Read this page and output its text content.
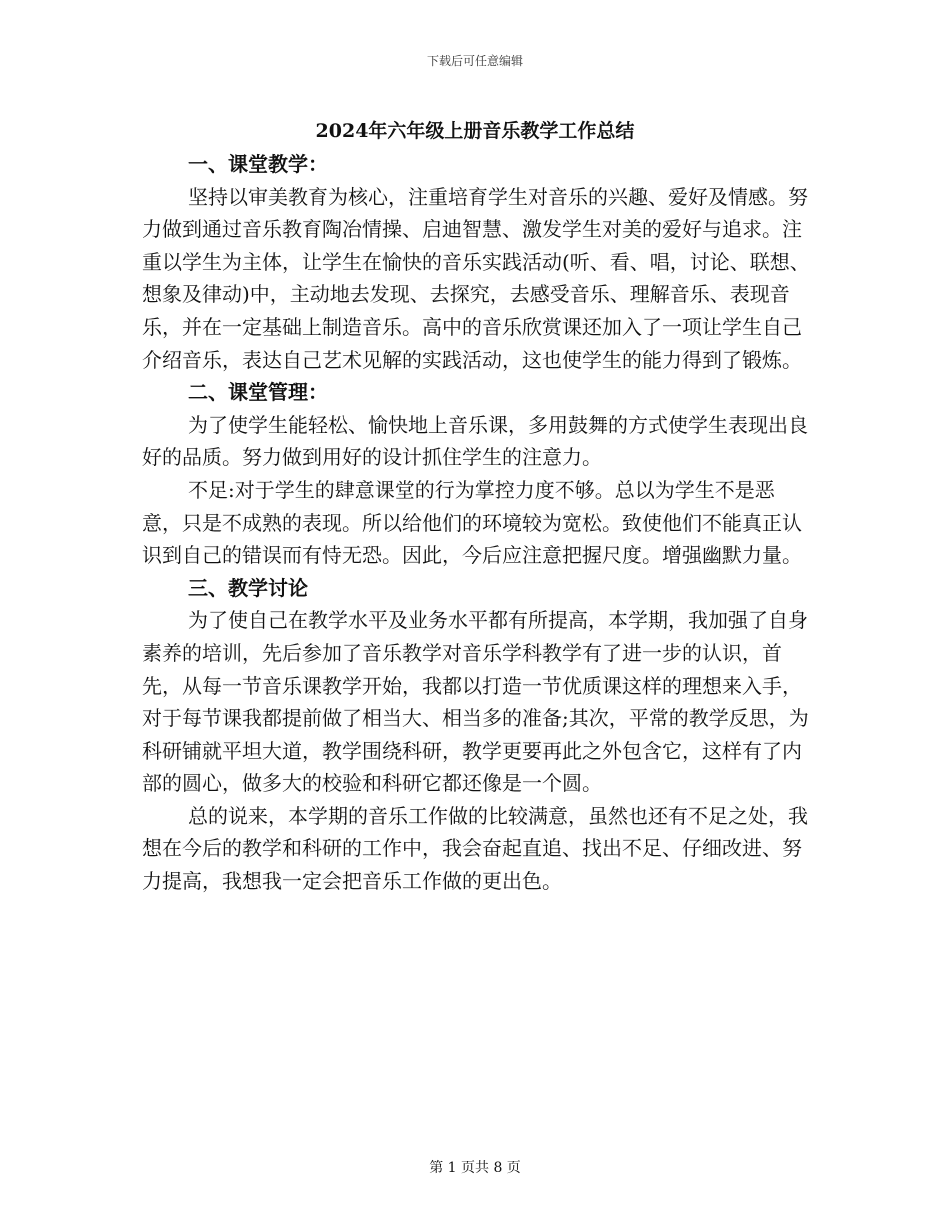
下载后可任意编辑
2024年六年级上册音乐教学工作总结
一、课堂教学：

坚持以审美教育为核心，注重培育学生对音乐的兴趣、爱好及情感。努力做到通过音乐教育陶冶情操、启迪智慧、激发学生对美的爱好与追求。注重以学生为主体，让学生在愉快的音乐实践活动(听、看、唱，讨论、联想、想象及律动)中，主动地去发现、去探究，去感受音乐、理解音乐、表现音乐，并在一定基础上制造音乐。高中的音乐欣赏课还加入了一项让学生自己介绍音乐，表达自己艺术见解的实践活动，这也使学生的能力得到了锻炼。

二、课堂管理：

为了使学生能轻松、愉快地上音乐课，多用鼓舞的方式使学生表现出良好的品质。努力做到用好的设计抓住学生的注意力。

不足:对于学生的肆意课堂的行为掌控力度不够。总以为学生不是恶意，只是不成熟的表现。所以给他们的环境较为宽松。致使他们不能真正认识到自己的错误而有恃无恐。因此，今后应注意把握尺度。增强幽默力量。

三、教学讨论

为了使自己在教学水平及业务水平都有所提高，本学期，我加强了自身素养的培训，先后参加了音乐教学对音乐学科教学有了进一步的认识，首先，从每一节音乐课教学开始，我都以打造一节优质课这样的理想来入手，对于每节课我都提前做了相当大、相当多的准备;其次，平常的教学反思，为科研铺就平坦大道，教学围绕科研，教学更要再此之外包含它，这样有了内部的圆心，做多大的校验和科研它都还像是一个圆。

总的说来，本学期的音乐工作做的比较满意，虽然也还有不足之处，我想在今后的教学和科研的工作中，我会奋起直追、找出不足、仔细改进、努力提高，我想我一定会把音乐工作做的更出色。

第 1 页共 8 页
